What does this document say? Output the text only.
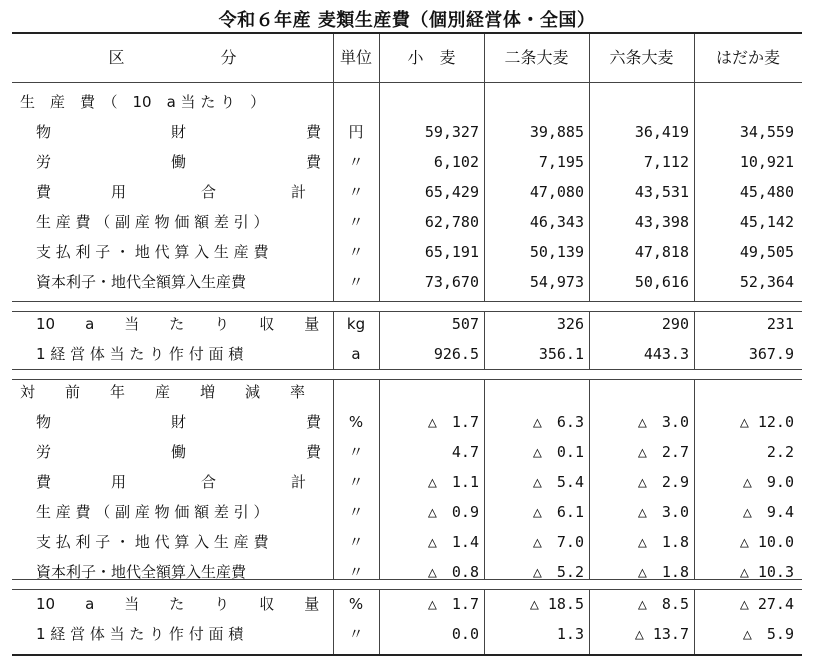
令和６年産 麦類生産費（個別経営体・全国）
区　　　　　　分	単位	小　麦	二条大麦	六条大麦	はだか麦
生　産　費　（　10　a 当 た り　）
物　　　　　　　　財　　　　　　　　費	円	59,327	39,885	36,419	34,559
労　　　　　　　　働　　　　　　　　費	〃	6,102	7,195	7,112	10,921
費　　　　用　　　　　合　　　　　計	〃	65,429	47,080	43,531	45,480
生 産 費 （ 副 産 物 価 額 差 引 ）	〃	62,780	46,343	43,398	45,142
支 払 利 子 ・ 地 代 算 入 生 産 費	〃	65,191	50,139	47,818	49,505
資本利子・地代全額算入生産費	〃	73,670	54,973	50,616	52,364
10　　a　　当　　た　　り　　収　　量	kg	507	326	290	231
1 経 営 体 当 た り 作 付 面 積	a	926.5	356.1	443.3	367.9
対　　前　　年　　産　　増　　減　　率
物　　　　　　　　財　　　　　　　　費	%	△　1.7	△　6.3	△　3.0	△ 12.0
労　　　　　　　　働　　　　　　　　費	〃	4.7	△　0.1	△　2.7	2.2
費　　　　用　　　　　合　　　　　計	〃	△　1.1	△　5.4	△　2.9	△　9.0
生 産 費 （ 副 産 物 価 額 差 引 ）	〃	△　0.9	△　6.1	△　3.0	△　9.4
支 払 利 子 ・ 地 代 算 入 生 産 費	〃	△　1.4	△　7.0	△　1.8	△ 10.0
資本利子・地代全額算入生産費	〃	△　0.8	△　5.2	△　1.8	△ 10.3
10　　a　　当　　た　　り　　収　　量	%	△　1.7	△ 18.5	△　8.5	△ 27.4
1 経 営 体 当 た り 作 付 面 積	〃	0.0	1.3	△ 13.7	△　5.9
